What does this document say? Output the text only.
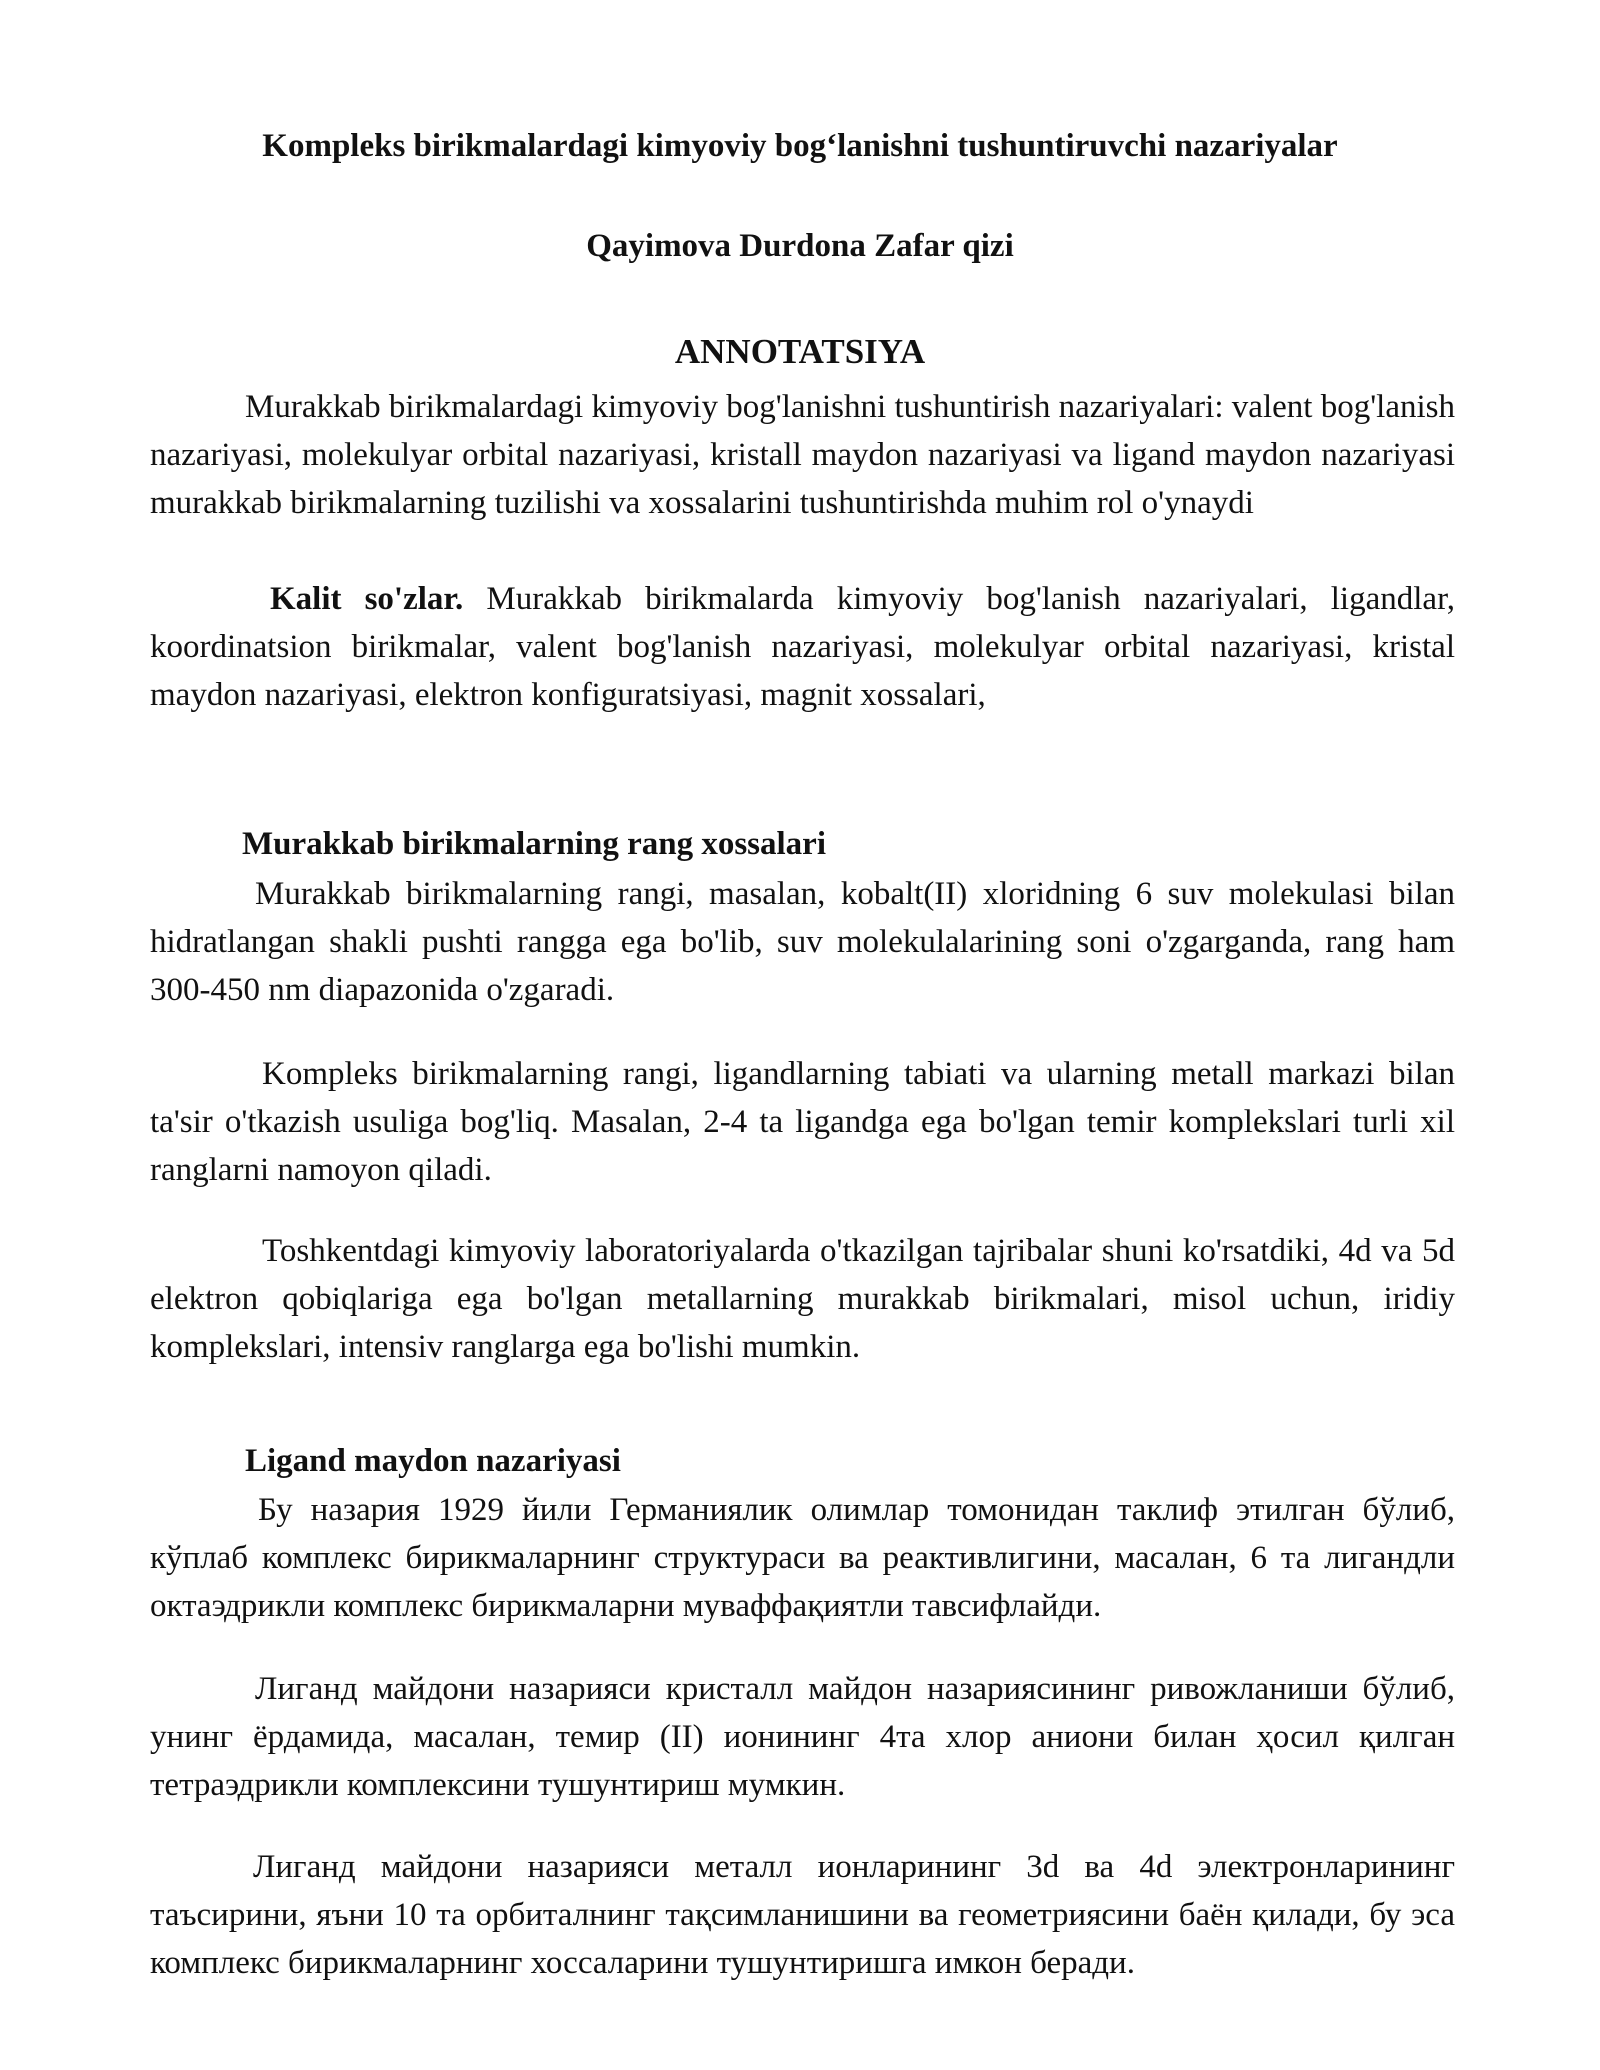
Kompleks birikmalardagi kimyoviy bogʻlanishni tushuntiruvchi nazariyalar
Qayimova Durdona Zafar qizi
ANNOTATSIYA

Murakkab birikmalardagi kimyoviy bog'lanishni tushuntirish nazariyalari: valent bog'lanish nazariyasi, molekulyar orbital nazariyasi, kristall maydon nazariyasi va ligand maydon nazariyasi murakkab birikmalarning tuzilishi va xossalarini tushuntirishda muhim rol o'ynaydi

Kalit so'zlar. Murakkab birikmalarda kimyoviy bog'lanish nazariyalari, ligandlar, koordinatsion birikmalar, valent bog'lanish nazariyasi, molekulyar orbital nazariyasi, kristal maydon nazariyasi, elektron konfiguratsiyasi, magnit xossalari,

Murakkab birikmalarning rang xossalari

Murakkab birikmalarning rangi, masalan, kobalt(II) xloridning 6 suv molekulasi bilan hidratlangan shakli pushti rangga ega bo'lib, suv molekulalarining soni o'zgarganda, rang ham 300-450 nm diapazonida o'zgaradi.

Kompleks birikmalarning rangi, ligandlarning tabiati va ularning metall markazi bilan ta'sir o'tkazish usuliga bog'liq. Masalan, 2-4 ta ligandga ega bo'lgan temir komplekslari turli xil ranglarni namoyon qiladi.

Toshkentdagi kimyoviy laboratoriyalarda o'tkazilgan tajribalar shuni ko'rsatdiki, 4d va 5d elektron qobiqlariga ega bo'lgan metallarning murakkab birikmalari, misol uchun, iridiy komplekslari, intensiv ranglarga ega bo'lishi mumkin.

Ligand maydon nazariyasi

Бу назария 1929 йили Германиялик олимлар томонидан таклиф этилган бўлиб, кўплаб комплекс бирикмаларнинг структураси ва реактивлигини, масалан, 6 та лигандли октаэдрикли комплекс бирикмаларни муваффақиятли тавсифлайди.

Лиганд майдони назарияси кристалл майдон назариясининг ривожланиши бўлиб, унинг ёрдамида, масалан, темир (II) ионининг 4та хлор аниони билан ҳосил қилган тетраэдрикли комплексини тушунтириш мумкин.

Лиганд майдони назарияси металл ионларининг 3d ва 4d электронларининг таъсирини, яъни 10 та орбиталнинг тақсимланишини ва геометриясини баён қилади, бу эса комплекс бирикмаларнинг хоссаларини тушунтиришга имкон беради.
